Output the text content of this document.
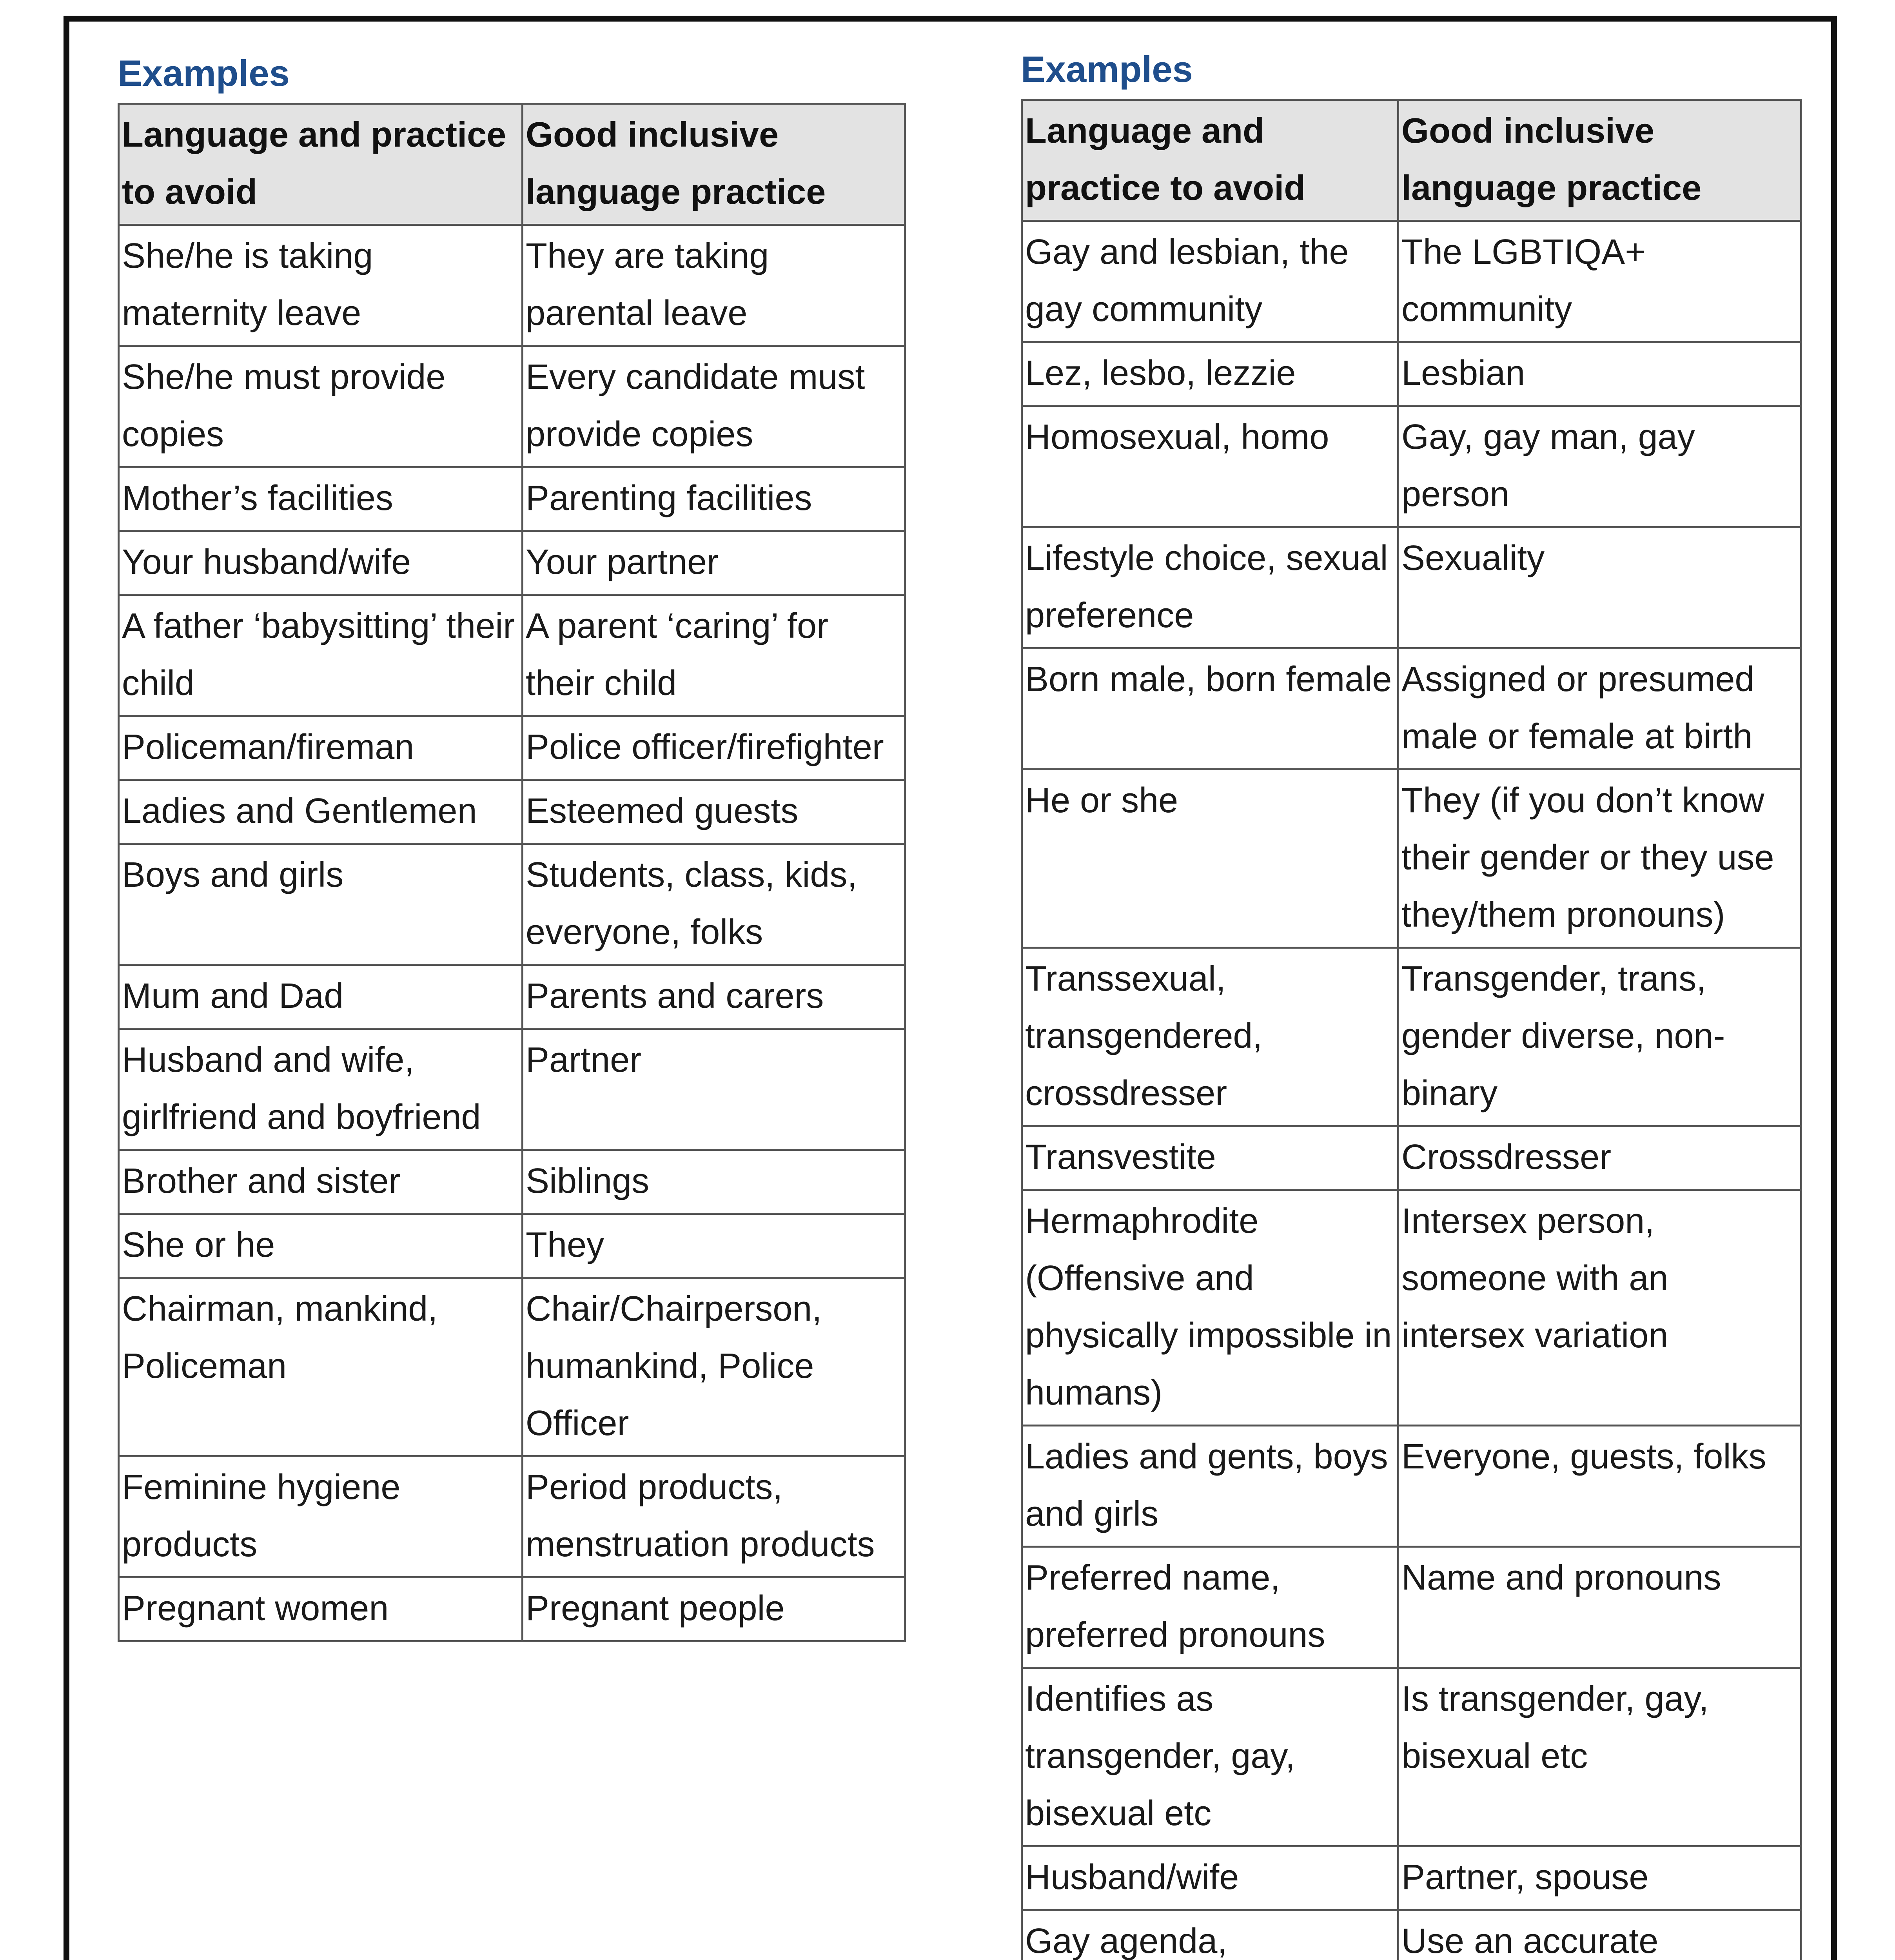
Examples
Language and practice to avoid	Good inclusive language practice
She/he is taking maternity leave	They are taking parental leave
She/he must provide copies	Every candidate must provide copies
Mother’s facilities	Parenting facilities
Your husband/wife	Your partner
A father ‘babysitting’ their child	A parent ‘caring’ for their child
Policeman/fireman	Police officer/firefighter
Ladies and Gentlemen	Esteemed guests
Boys and girls	Students, class, kids, everyone, folks
Mum and Dad	Parents and carers
Husband and wife, girlfriend and boyfriend	Partner
Brother and sister	Siblings
She or he	They
Chairman, mankind, Policeman	Chair/Chairperson, humankind, Police Officer
Feminine hygiene products	Period products, menstruation products
Pregnant women	Pregnant people
Examples
Language and practice to avoid	Good inclusive language practice
Gay and lesbian, the gay community	The LGBTIQA+ community
Lez, lesbo, lezzie	Lesbian
Homosexual, homo	Gay, gay man, gay person
Lifestyle choice, sexual preference	Sexuality
Born male, born female	Assigned or presumed male or female at birth
He or she	They (if you don’t know their gender or they use they/them pronouns)
Transsexual, transgendered, crossdresser	Transgender, trans, gender diverse, non-binary
Transvestite	Crossdresser
Hermaphrodite (Offensive and physically impossible in humans)	Intersex person, someone with an intersex variation
Ladies and gents, boys and girls	Everyone, guests, folks
Preferred name, preferred pronouns	Name and pronouns
Identifies as transgender, gay, bisexual etc	Is transgender, gay, bisexual etc
Husband/wife	Partner, spouse
Gay agenda,	Use an accurate
